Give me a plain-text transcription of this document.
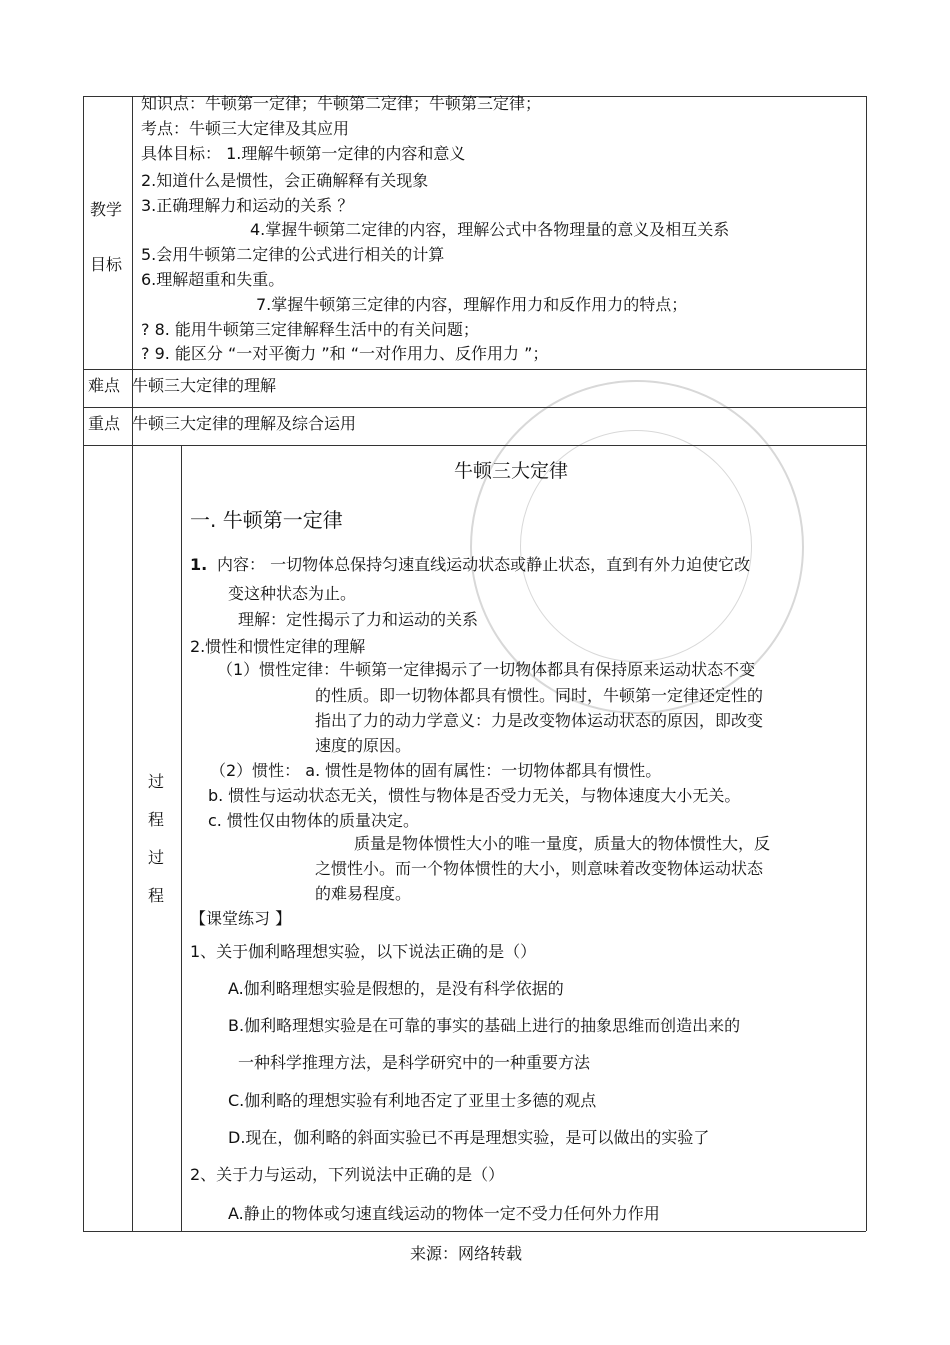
教学
目标
知识点：牛顿第一定律；牛顿第二定律；牛顿第三定律；
考点：牛顿三大定律及其应用
具体目标： 1.理解牛顿第一定律的内容和意义
2.知道什么是惯性，会正确解释有关现象
3.正确理解力和运动的关系 ？
4.掌握牛顿第二定律的内容，理解公式中各物理量的意义及相互关系
5.会用牛顿第二定律的公式进行相关的计算
6.理解超重和失重。
7.掌握牛顿第三定律的内容，理解作用力和反作用力的特点；
? 8. 能用牛顿第三定律解释生活中的有关问题；
? 9. 能区分 “一对平衡力 ”和 “一对作用力、反作用力 ”；
难点 牛顿三大定律的理解
重点 牛顿三大定律的理解及综合运用
过
程
过
程
牛顿三大定律
一. 牛顿第一定律
1. 内容： 一切物体总保持匀速直线运动状态或静止状态，直到有外力迫使它改
变这种状态为止。
理解：定性揭示了力和运动的关系
2.惯性和惯性定律的理解
（1）惯性定律：牛顿第一定律揭示了一切物体都具有保持原来运动状态不变
的性质。即一切物体都具有惯性。同时，牛顿第一定律还定性的
指出了力的动力学意义：力是改变物体运动状态的原因，即改变
速度的原因。
（2）惯性： a. 惯性是物体的固有属性：一切物体都具有惯性。
b. 惯性与运动状态无关，惯性与物体是否受力无关，与物体速度大小无关。
c. 惯性仅由物体的质量决定。
质量是物体惯性大小的唯一量度，质量大的物体惯性大，反
之惯性小。而一个物体惯性的大小，则意味着改变物体运动状态
的难易程度。
【课堂练习 】
1、关于伽利略理想实验，以下说法正确的是（）
A.伽利略理想实验是假想的，是没有科学依据的
B.伽利略理想实验是在可靠的事实的基础上进行的抽象思维而创造出来的
一种科学推理方法，是科学研究中的一种重要方法
C.伽利略的理想实验有利地否定了亚里士多德的观点
D.现在，伽利略的斜面实验已不再是理想实验，是可以做出的实验了
2、关于力与运动，下列说法中正确的是（）
A.静止的物体或匀速直线运动的物体一定不受力任何外力作用
来源：网络转载
